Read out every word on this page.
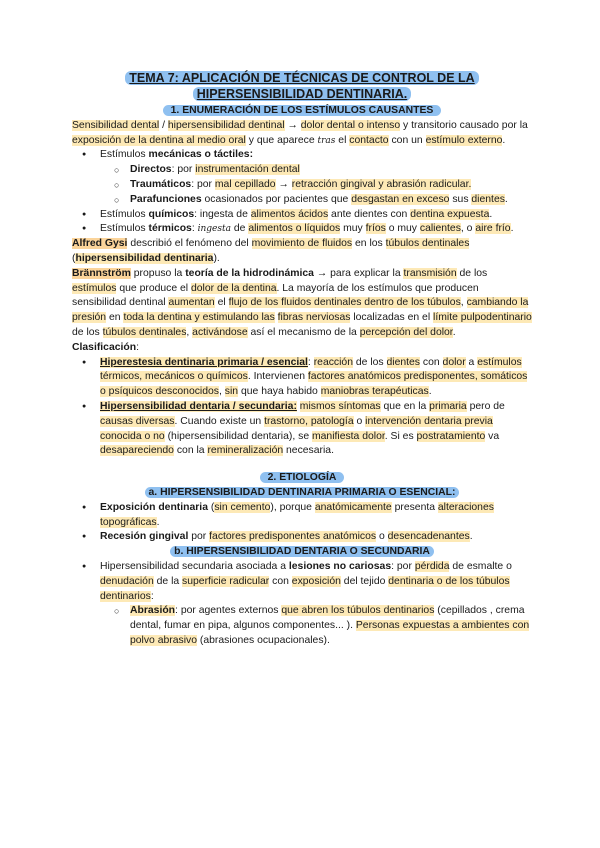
TEMA 7: APLICACIÓN DE TÉCNICAS DE CONTROL DE LA
HIPERSENSIBILIDAD DENTINARIA.

1. ENUMERACIÓN DE LOS ESTÍMULOS CAUSANTES

Sensibilidad dental / hipersensibilidad dentinal → dolor dental o intenso y transitorio causado por la exposición de la dentina al medio oral y que aparece tras el contacto con un estímulo externo.

● Estímulos mecánicas o táctiles:
○ Directos: por instrumentación dental
○ Traumáticos: por mal cepillado → retracción gingival y abrasión radicular.
○ Parafunciones ocasionados por pacientes que desgastan en exceso sus dientes.
● Estímulos químicos: ingesta de alimentos ácidos ante dientes con dentina expuesta.
● Estímulos térmicos: ingesta de alimentos o líquidos muy fríos o muy calientes, o aire frío.

Alfred Gysi describió el fenómeno del movimiento de fluidos en los túbulos dentinales (hipersensibilidad dentinaria).

Brännström propuso la teoría de la hidrodinámica → para explicar la transmisión de los estímulos que produce el dolor de la dentina. La mayoría de los estímulos que producen sensibilidad dentinal aumentan el flujo de los fluidos dentinales dentro de los túbulos, cambiando la presión en toda la dentina y estimulando las fibras nerviosas localizadas en el límite pulpodentinario de los túbulos dentinales, activándose así el mecanismo de la percepción del dolor.

Clasificación:

● Hiperestesia dentinaria primaria / esencial: reacción de los dientes con dolor a estímulos térmicos, mecánicos o químicos. Intervienen factores anatómicos predisponentes, somáticos o psíquicos desconocidos, sin que haya habido maniobras terapéuticas.
● Hipersensibilidad dentaria / secundaria: mismos síntomas que en la primaria pero de causas diversas. Cuando existe un trastorno, patología o intervención dentaria previa conocida o no (hipersensibilidad dentaria), se manifiesta dolor. Si es postratamiento va desapareciendo con la remineralización necesaria.

2. ETIOLOGÍA

a. HIPERSENSIBILIDAD DENTINARIA PRIMARIA O ESENCIAL:

● Exposición dentinaria (sin cemento), porque anatómicamente presenta alteraciones topográficas.
● Recesión gingival por factores predisponentes anatómicos o desencadenantes.

b. HIPERSENSIBILIDAD DENTARIA O SECUNDARIA

● Hipersensibilidad secundaria asociada a lesiones no cariosas: por pérdida de esmalte o denudación de la superficie radicular con exposición del tejido dentinaria o de los túbulos dentinarios:
○ Abrasión: por agentes externos que abren los túbulos dentinarios (cepillados , crema dental, fumar en pipa, algunos componentes... ). Personas expuestas a ambientes con polvo abrasivo (abrasiones ocupacionales).
